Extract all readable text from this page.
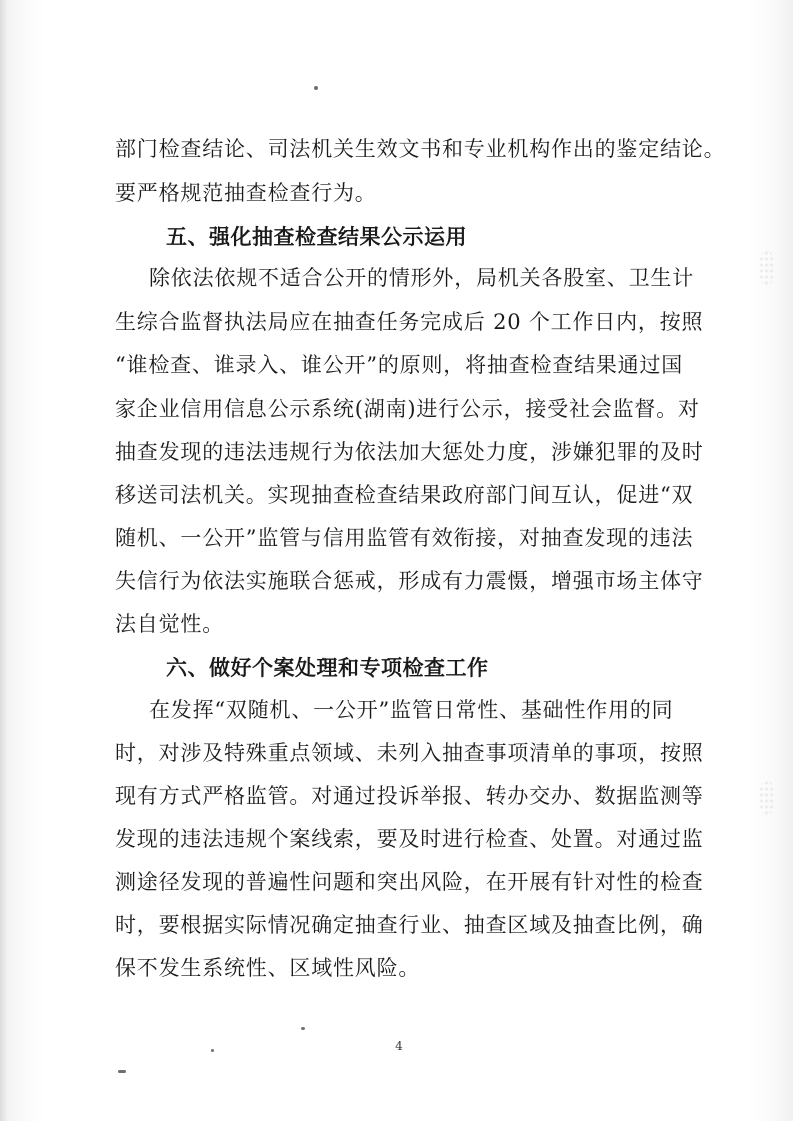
部门检查结论、司法机关生效文书和专业机构作出的鉴定结论。
要严格规范抽查检查行为。
五、强化抽查检查结果公示运用
除依法依规不适合公开的情形外，局机关各股室、卫生计
生综合监督执法局应在抽查任务完成后 20 个工作日内，按照
“谁检查、谁录入、谁公开”的原则，将抽查检查结果通过国
家企业信用信息公示系统(湖南)进行公示，接受社会监督。对
抽查发现的违法违规行为依法加大惩处力度，涉嫌犯罪的及时
移送司法机关。实现抽查检查结果政府部门间互认，促进“双
随机、一公开”监管与信用监管有效衔接，对抽查发现的违法
失信行为依法实施联合惩戒，形成有力震慑，增强市场主体守
法自觉性。
六、做好个案处理和专项检查工作
在发挥“双随机、一公开”监管日常性、基础性作用的同
时，对涉及特殊重点领域、未列入抽查事项清单的事项，按照
现有方式严格监管。对通过投诉举报、转办交办、数据监测等
发现的违法违规个案线索，要及时进行检查、处置。对通过监
测途径发现的普遍性问题和突出风险，在开展有针对性的检查
时，要根据实际情况确定抽查行业、抽查区域及抽查比例，确
保不发生系统性、区域性风险。
4
